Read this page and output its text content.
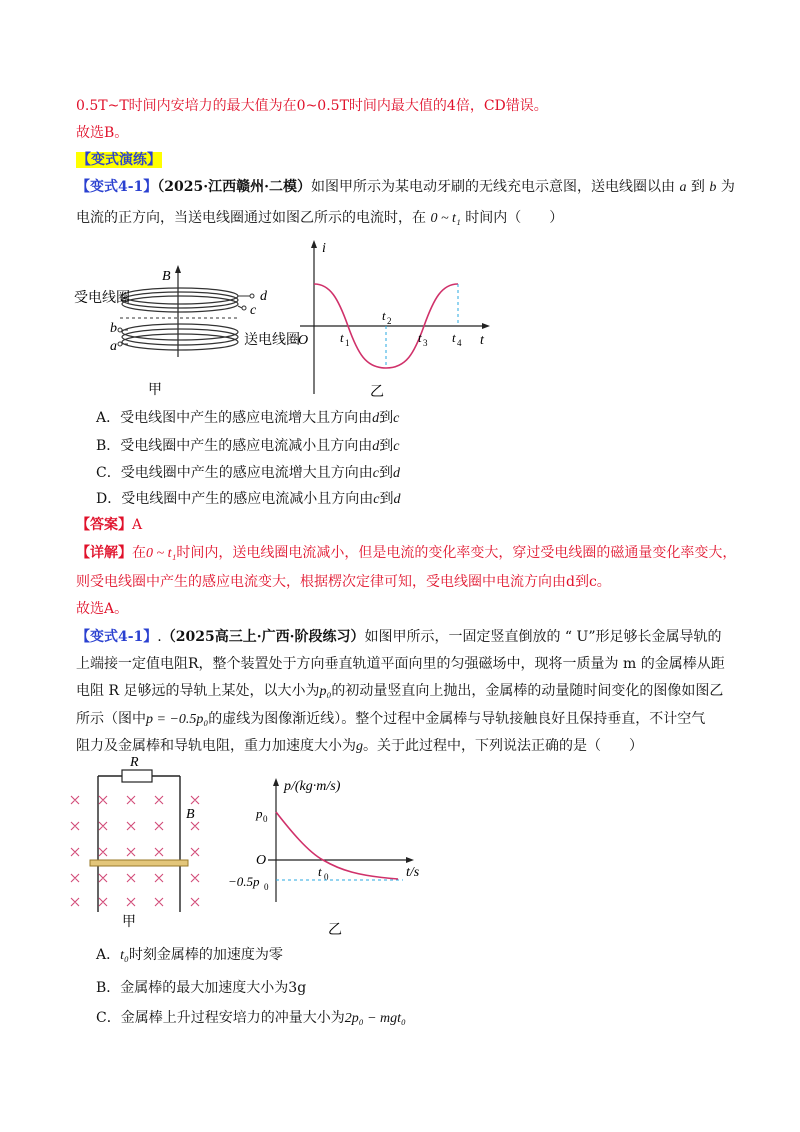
0.5T~T时间内安培力的最大值为在0~0.5T时间内最大值的4倍，CD错误。
故选B。
【变式演练】
【变式4-1】（2025·江西赣州·二模）如图甲所示为某电动牙刷的无线充电示意图，送电线圈以由 a 到 b 为
电流的正方向，当送电线圈通过如图乙所示的电流时，在 0 ~ t₁ 时间内（　　）
B
d
c
受电线圈
b
a	送电线圈
甲
i
O	t
t 1
t 2
t 3 t 4
乙
A．受电线图中产生的感应电流增大且方向由d到c
B．受电线圈中产生的感应电流减小且方向由d到c
C．受电线圈中产生的感应电流增大且方向由c到d
D．受电线圈中产生的感应电流减小且方向由c到d
【答案】A
【详解】在0 ~ t₁时间内，送电线圈电流减小，但是电流的变化率变大，穿过受电线圈的磁通量变化率变大，
则受电线圈中产生的感应电流变大，根据楞次定律可知，受电线圈中电流方向由d到c。
故选A。
【变式4-1】.（2025高三上·广西·阶段练习）如图甲所示，一固定竖直倒放的 “ U”形足够长金属导轨的
上端接一定值电阻R，整个装置处于方向垂直轨道平面向里的匀强磁场中，现将一质量为 m 的金属棒从距
电阻 R 足够远的导轨上某处，以大小为p₀的初动量竖直向上抛出，金属棒的动量随时间变化的图像如图乙
所示（图中p = −0.5p₀的虚线为图像渐近线）。整个过程中金属棒与导轨接触良好且保持垂直，不计空气
阻力及金属棒和导轨电阻，重力加速度大小为g。关于此过程中，下列说法正确的是（　　）
R
B
甲
p/(kg·m/s)
p 0
O
t 0	t/s
−0.5p 0
乙
A．t₀时刻金属棒的加速度为零
B．金属棒的最大加速度大小为3g
C．金属棒上升过程安培力的冲量大小为2p₀ − mgt₀
